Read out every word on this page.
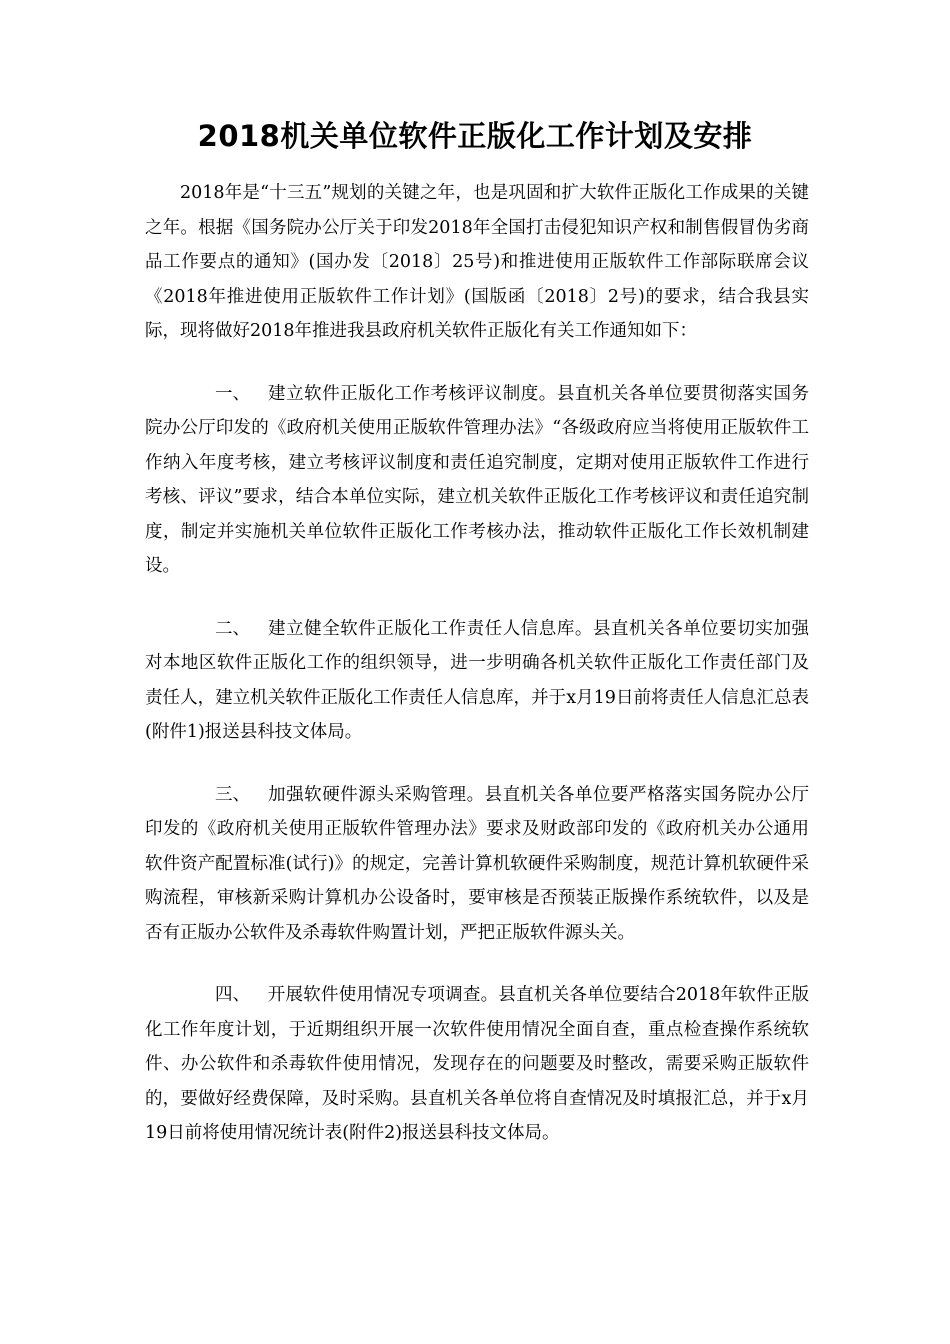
2018机关单位软件正版化工作计划及安排

2018年是“十三五”规划的关键之年，也是巩固和扩大软件正版化工作成果的关键之年。根据《国务院办公厅关于印发2018年全国打击侵犯知识产权和制售假冒伪劣商品工作要点的通知》(国办发〔2018〕25号)和推进使用正版软件工作部际联席会议《2018年推进使用正版软件工作计划》(国版函〔2018〕2号)的要求，结合我县实际，现将做好2018年推进我县政府机关软件正版化有关工作通知如下：

一、 建立软件正版化工作考核评议制度。县直机关各单位要贯彻落实国务院办公厅印发的《政府机关使用正版软件管理办法》“各级政府应当将使用正版软件工作纳入年度考核，建立考核评议制度和责任追究制度，定期对使用正版软件工作进行考核、评议”要求，结合本单位实际，建立机关软件正版化工作考核评议和责任追究制度，制定并实施机关单位软件正版化工作考核办法，推动软件正版化工作长效机制建设。

二、 建立健全软件正版化工作责任人信息库。县直机关各单位要切实加强对本地区软件正版化工作的组织领导，进一步明确各机关软件正版化工作责任部门及责任人，建立机关软件正版化工作责任人信息库，并于x月19日前将责任人信息汇总表(附件1)报送县科技文体局。

三、 加强软硬件源头采购管理。县直机关各单位要严格落实国务院办公厅印发的《政府机关使用正版软件管理办法》要求及财政部印发的《政府机关办公通用软件资产配置标准(试行)》的规定，完善计算机软硬件采购制度，规范计算机软硬件采购流程，审核新采购计算机办公设备时，要审核是否预装正版操作系统软件，以及是否有正版办公软件及杀毒软件购置计划，严把正版软件源头关。

四、 开展软件使用情况专项调查。县直机关各单位要结合2018年软件正版化工作年度计划，于近期组织开展一次软件使用情况全面自查，重点检查操作系统软件、办公软件和杀毒软件使用情况，发现存在的问题要及时整改，需要采购正版软件的，要做好经费保障，及时采购。县直机关各单位将自查情况及时填报汇总，并于x月19日前将使用情况统计表(附件2)报送县科技文体局。
